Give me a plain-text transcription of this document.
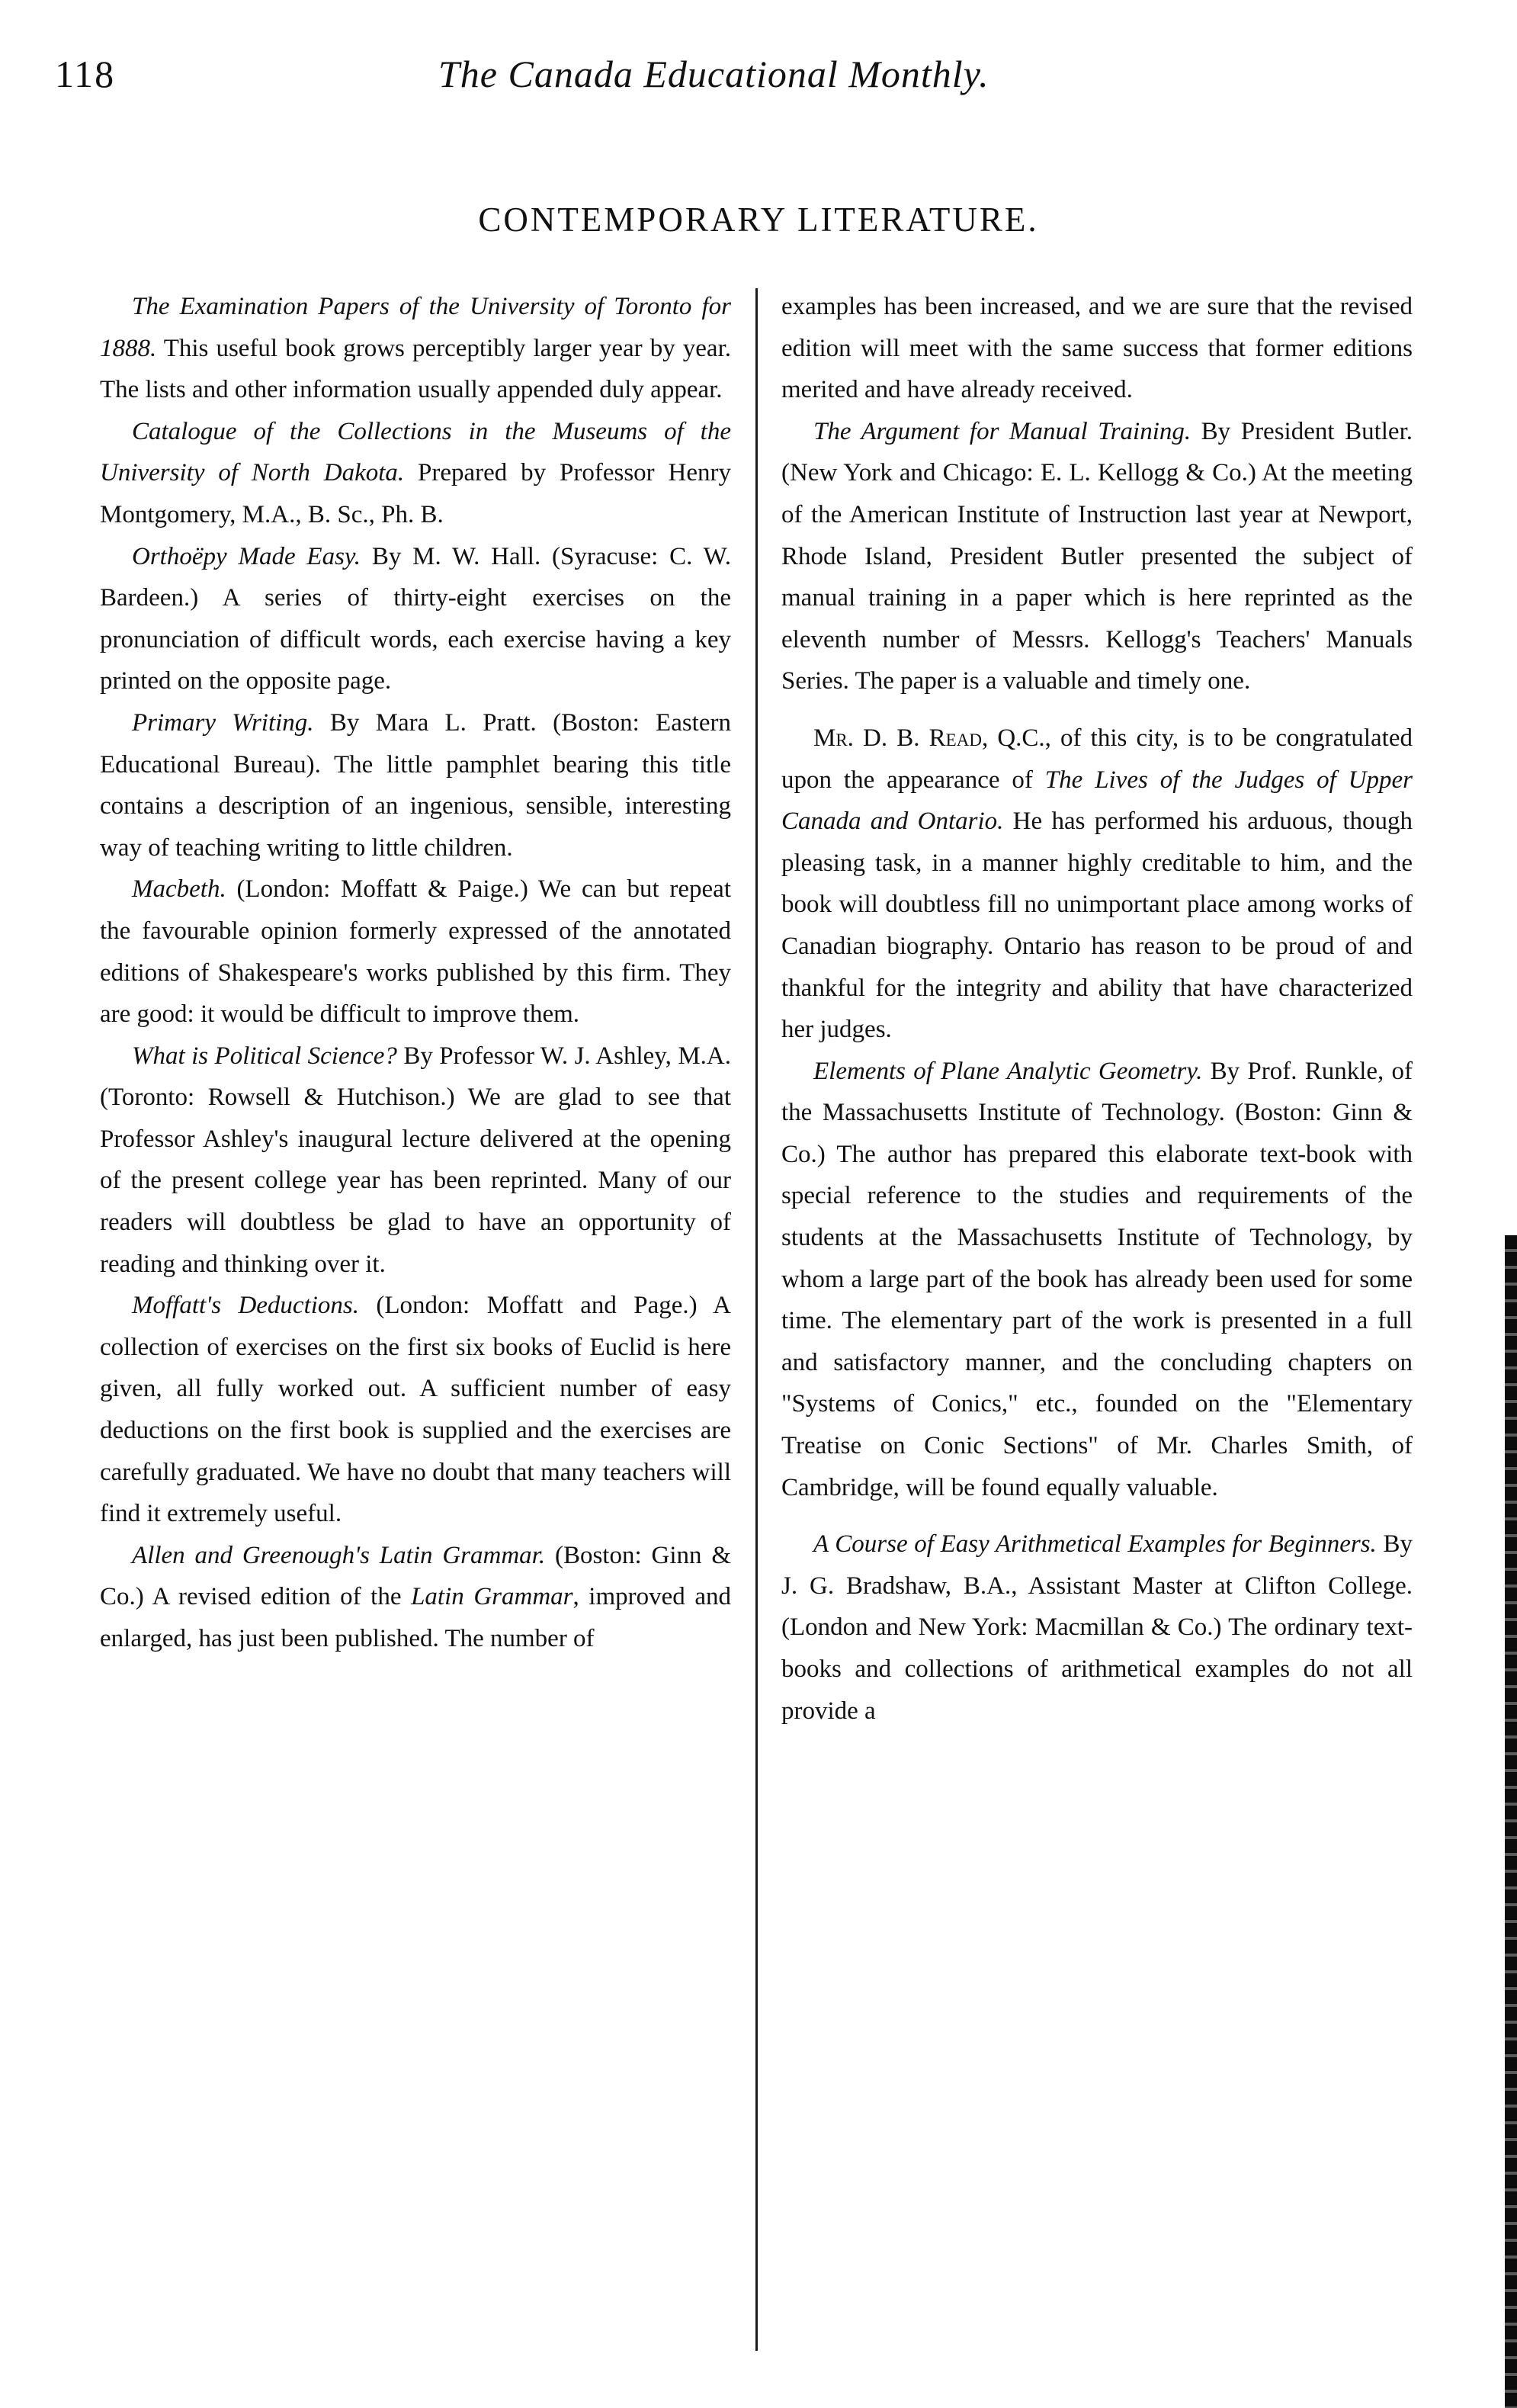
118	The Canada Educational Monthly.
CONTEMPORARY LITERATURE.

The Examination Papers of the University of Toronto for 1888. This useful book grows perceptibly larger year by year. The lists and other information usually appended duly appear.

Catalogue of the Collections in the Museums of the University of North Dakota. Prepared by Professor Henry Montgomery, M.A., B. Sc., Ph. B.

Orthoëpy Made Easy. By M. W. Hall. (Syracuse: C. W. Bardeen.) A series of thirty-eight exercises on the pronunciation of difficult words, each exercise having a key printed on the opposite page.

Primary Writing. By Mara L. Pratt. (Boston: Eastern Educational Bureau). The little pamphlet bearing this title contains a description of an ingenious, sensible, interesting way of teaching writing to little children.

Macbeth. (London: Moffatt & Paige.) We can but repeat the favourable opinion formerly expressed of the annotated editions of Shakespeare's works published by this firm. They are good: it would be difficult to improve them.

What is Political Science? By Professor W. J. Ashley, M.A. (Toronto: Rowsell & Hutchison.) We are glad to see that Professor Ashley's inaugural lecture delivered at the opening of the present college year has been reprinted. Many of our readers will doubtless be glad to have an opportunity of reading and thinking over it.

Moffatt's Deductions. (London: Moffatt and Page.) A collection of exercises on the first six books of Euclid is here given, all fully worked out. A sufficient number of easy deductions on the first book is supplied and the exercises are carefully graduated. We have no doubt that many teachers will find it extremely useful.

Allen and Greenough's Latin Grammar. (Boston: Ginn & Co.) A revised edition of the Latin Grammar, improved and enlarged, has just been published. The number of

examples has been increased, and we are sure that the revised edition will meet with the same success that former editions merited and have already received.

The Argument for Manual Training. By President Butler. (New York and Chicago: E. L. Kellogg & Co.) At the meeting of the American Institute of Instruction last year at Newport, Rhode Island, President Butler presented the subject of manual training in a paper which is here reprinted as the eleventh number of Messrs. Kellogg's Teachers' Manuals Series. The paper is a valuable and timely one.

Mr. D. B. Read, Q.C., of this city, is to be congratulated upon the appearance of The Lives of the Judges of Upper Canada and Ontario. He has performed his arduous, though pleasing task, in a manner highly creditable to him, and the book will doubtless fill no unimportant place among works of Canadian biography. Ontario has reason to be proud of and thankful for the integrity and ability that have characterized her judges.

Elements of Plane Analytic Geometry. By Prof. Runkle, of the Massachusetts Institute of Technology. (Boston: Ginn & Co.) The author has prepared this elaborate text-book with special reference to the studies and requirements of the students at the Massachusetts Institute of Technology, by whom a large part of the book has already been used for some time. The elementary part of the work is presented in a full and satisfactory manner, and the concluding chapters on "Systems of Conics," etc., founded on the "Elementary Treatise on Conic Sections" of Mr. Charles Smith, of Cambridge, will be found equally valuable.

A Course of Easy Arithmetical Examples for Beginners. By J. G. Bradshaw, B.A., Assistant Master at Clifton College. (London and New York: Macmillan & Co.) The ordinary text-books and collections of arithmetical examples do not all provide a
